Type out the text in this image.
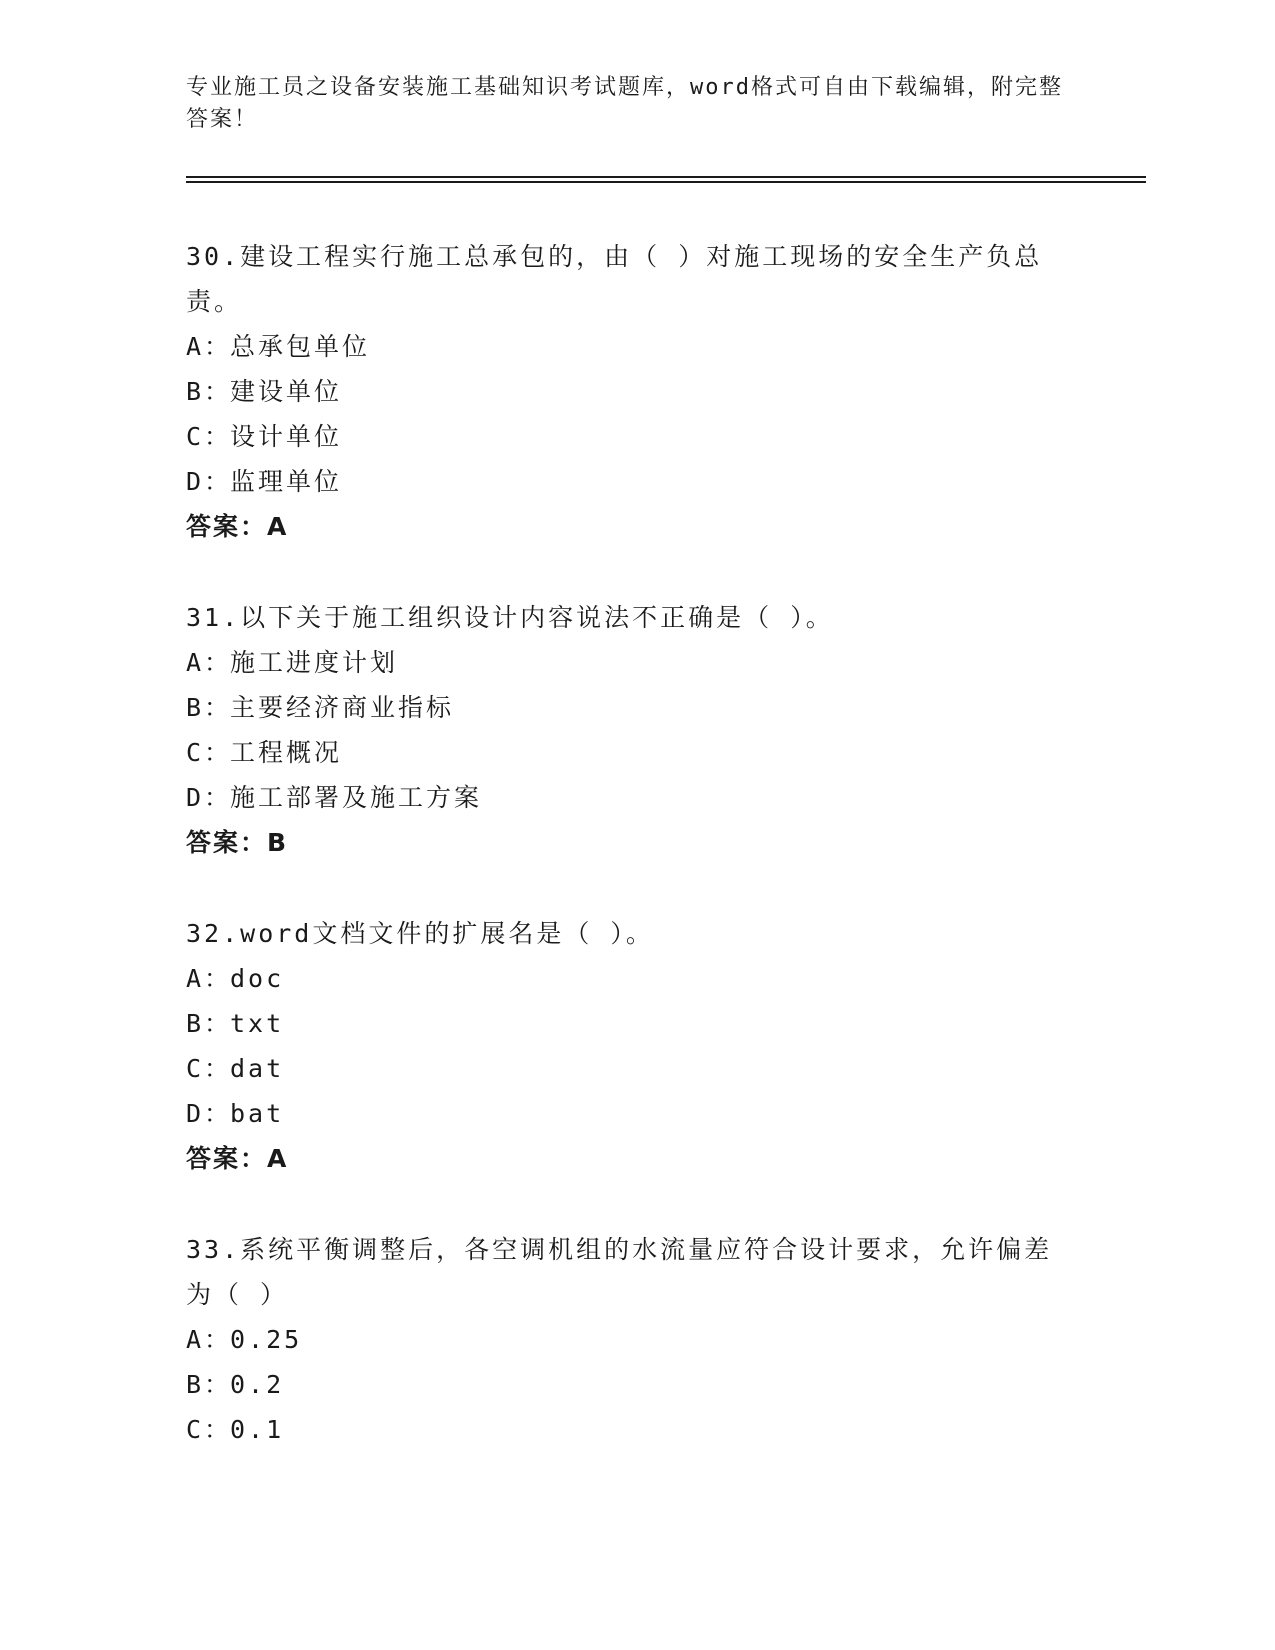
专业施工员之设备安装施工基础知识考试题库，word格式可自由下载编辑，附完整答案！

30.建设工程实行施工总承包的，由（ ）对施工现场的安全生产负总责。

A：总承包单位

B：建设单位

C：设计单位

D：监理单位

答案：A

31.以下关于施工组织设计内容说法不正确是（ ）。

A：施工进度计划

B：主要经济商业指标

C：工程概况

D：施工部署及施工方案

答案：B

32.word文档文件的扩展名是（ ）。

A：doc

B：txt

C：dat

D：bat

答案：A

33.系统平衡调整后，各空调机组的水流量应符合设计要求，允许偏差为（ ）

A：0.25

B：0.2

C：0.1
